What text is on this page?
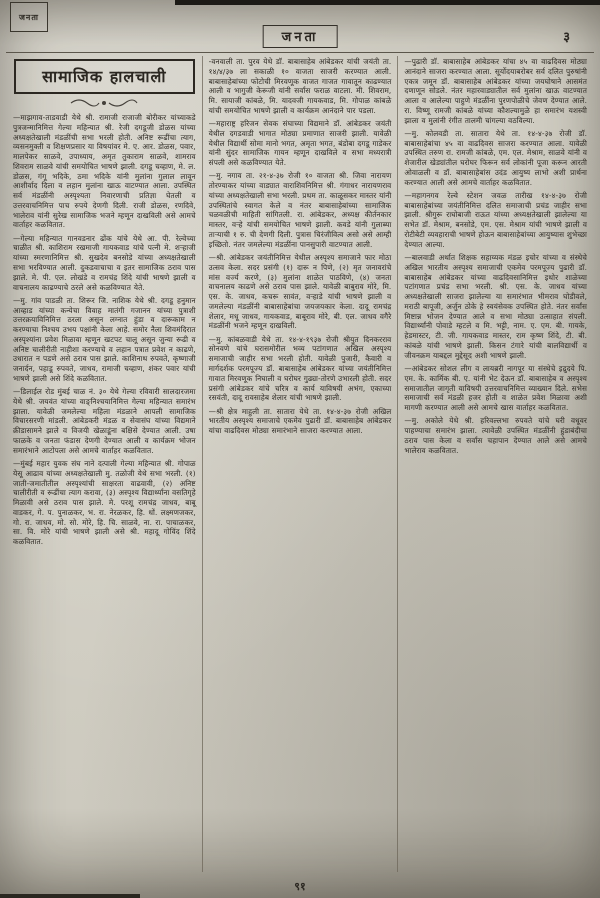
जनता
जनता	३
सामाजिक हालचाली

—माझगाव-ताडवाडी येथे श्री. रामाजी राजाजी बोरीकर यांच्याकडे पुत्रजन्मानिमित्त गेल्या महिन्यात श्री. रेजी दगडूजी डोळस यांच्या अध्यक्षतेखाली मंडळींची सभा भरली होती. अनिष्ट रूढींचा त्याग, व्यसनमुक्ती व शिक्षणप्रसार या विषयांवर मे. ए. आर. डोळस, पवार, मालपेकर साळवे, उपाध्याय, अमृत तुकाराम साळवे, शामराव शिवराम साळवे यांची समयोचित भाषणे झाली. दगडू चव्हाण, मे. ल. डोळस, गंगू भदिके, ठमा भदिके यांनी मुलांना गुलाल लावून आशीर्वाद दिला व लहान मुलांना खाऊ वाटण्यात आला. उपस्थित सर्व मंडळींनी अस्पृश्यता निवारणाची प्रतिज्ञा घेतली व उत्तरवाचनिमित्त पाच रुपये देणगी दिली. राजी डोळस, रणदिवे, भालेराव यांनी सुरेख सामाजिक भजने म्हणून दाखविली असे आमचे वार्ताहर कळवितात.

—गेल्या महिन्यात गानवडनार ढोंक यांचे येथे आ. पी. रेल्वेच्या चाळीत श्री. काशिराम रखमाजी गायकवाड यांचे पत्नी मे. शऱ्हाजी यांच्या स्मरणानिमित्त श्री. सुखदेव बनसोडे यांच्या अध्यक्षतेखाली सभा भरविण्यात आली. दुकडवाचाचा व इतर सामाजिक ठराव पास झाले. मे. पी. एल. लोखंडे व रामचंद्र शिंदे यांची भाषणे झाली व वाचनालय काढण्याचे ठरले असे कळविण्यात येते.

—मु. गांव पाडळी ता. शिरूर जि. नाशिक येथे श्री. दगडू हनुमान आव्हाड यांच्या कन्येचा विवाह मातंगी गजानन यांच्या पुत्राशी उत्तरक्रयाविनिमित्त ठरला असून लग्नात हुंडा व दारूकाम न करण्याचा निश्चय उभय पक्षांनी केला आहे. समोर नैला शिवमंदिरात अस्पृश्यांना प्रवेश मिळावा म्हणून खटपट चालू असून जुन्या रूढी व अनिष्ट चालीरीती नाहीशा करण्याचे व लहान पत्रात प्रवेश न काढणे, उधारात न पडणे असे ठराव पास झाले. काशिनाथ रुपवते, कृष्णाजी जनार्दन, पहाडू रुपवते, जाधव, रामाजी चव्हाण, शंकर पवार यांची भाषणे झाली असे शिंदे कळवितात.

—डिलाईल रोड मुंबई चाळ नं. ३० येथे गेल्या रविवारी सालदारजमा येथे श्री. जयवंत यांच्या वाङ्‌निश्चयानिमित्त गेल्या महिन्यात समारंभ झाला. यावेळी जमलेल्या महिला मंडळाने आपली सामाजिक विचारसरणी मांडली. आंबेडकरी मंडळ व सेवासंघ यांच्या विद्यमाने क्रीडासामने झाले व विजयी खेळाडूंना बक्षिसे देण्यात आली. उषा फाळके व जनता फंडास देणगी देण्यात आली व कार्यक्रम भोजन समारंभाने आटोपला असे आमचे वार्ताहर कळवितात.

—मुंबई महार युवक संघ नाने दत्पाली गेल्या महिन्यात श्री. गोपाळ येसू आढाव यांच्या अध्यक्षतेखाली मु. तळोजी येथे सभा भरली. (१) जाती-जमातीतील अस्पृश्यांची साक्षरता वाढवावी, (२) अनिष्ट चालीरीती व रूढींचा त्याग करावा, (३) अस्पृश्य विद्यार्थ्यांना वसतिगृहे मिळावी असे ठराव पास झाले. मे. परशू रामचंद्र जाधव, बाबू वाडकर, गे. प. पुनाळकर, भ. रा. नेरळकर, हि. धों. लक्ष्मणजकर, गो. रा. जाधव, मो. सो. मोरे, हि. चि. साळवे, ना. रा. पाचाळकर, सा. वि. मोरे यांची भाषणे झाली असे श्री. महादू गोविंद शिंदे कळवितात.

-वनवाली ता. पुरव येथे डॉ. बाबासाहेब आंबेडकर यांची जयंती ता. १४/४/३७ ला सकाळी १० वाजता साजरी करण्यात आली. बाबासाहेबांच्या फोटोची मिरवणूक वाजत गाजत गावातून काढण्यात आली व भागुजी केरूजी यांनी सर्वांस फराळ वाटला. मी. शिवराम, मि. सायाजी कांबळे, मि. यादवजी गायकवाड, मि. गोपाळ कांबळे यांची समयोचित भाषणे झाली व कार्यक्रम आनंदाने पार पडला.

—महाराष्ट्र हरिजन सेवक संघाच्या विद्यमाने डॉ. आंबेडकर जयंती येथील दगडवाडी भागात मोठ्या प्रमाणात साजरी झाली. यावेळी येथील विद्यार्थी सोमा मानो भगत, अमृता भगत, बंडोबा दगडू गाडेकर यांनी सुंदर सामाजिक गायन म्हणून दाखविले व सभा मध्यरात्री संपली असे कळविण्यात येते.

—मु. नगाव ता. २१-४-३७ रोजी १० वाजता श्री. जिवा नारायण तोरण्याकर यांच्या वाड्यात वाराशिवनिमित्त श्री. गंगाधर नारायणराव यांच्या अध्यक्षतेखाली सभा भरली. प्रथम ता. काळूसकर मास्तर यांनी उपस्थितांचे स्वागत केले व नंतर बाबासाहेबांच्या सामाजिक चळवळीची माहिती सांगितली. रा. आंबेडकर, अध्यक्ष कीर्तनकार मास्तर, वऱ्हे यांची समयोचित भाषणे झाली. कवडे यांनी गुलाब्या ताऱ्याची १ रु. ची देणगी दिली. पुत्रास चिरंजीवित्व असो असे आम्ही इच्छितो. नंतर जमलेल्या मंडळींना पानसुपारी वाटण्यात आली.

—श्री. आंबेडकर जयंतीनिमित्त येथील अस्पृश्य समाजाने फार मोठा उत्सव केला. सदर प्रसंगी (१) दारू न पिणे, (२) मृत जनावरांचे मांस वर्ज्य करणे, (३) मुलांना शाळेत पाठविणे, (४) जनता वाचनालय काढणे असे ठराव पास झाले. यावेळी बाबुराव मोरे, मि. एस. के. जाधव, कचरू सावंत, वऱ्हाडे यांची भाषणे झाली व जमलेल्या मंडळींनी बाबासाहेबांचा जयजयकार केला. दादू रामचंद्र शेलार, मधू जाधव, गायकवाड, बाबूराव मोरे, बी. एल. जाधव वगैरे मंडळींनी भजने म्हणून दाखविली.

—मु. कांबळवाडी येथे ता. १४-४-१९३७ रोजी श्रीयुत दिनकरराव सोनवणे यांचे घरासमोरील भव्य पटांगणात अखिल अस्पृश्य समाजाची जाहीर सभा भरली होती. यावेळी पुजारी, कैवारी व मार्गदर्शक परमपूज्य डॉ. बाबासाहेब आंबेडकर यांच्या जयंतीनिमित्त गावात मिरवणूक निघाली व घरोघर गुढ्या-तोरणे उभारली होती. सदर प्रसंगी आंबेडकर यांचे चरित्र व कार्य याविषयी अभंग, एकाच्या रसवंती, दादू रावसाहेब शेलार यांची भाषणे झाली.

—श्री क्षेत्र माहुली ता. सातारा येथे ता. १४-४-३७ रोजी अखिल भारतीय अस्पृश्य समाजाचे एकमेव पुढारी डॉ. बाबासाहेब आंबेडकर यांचा वाढदिवस मोठ्या समारंभाने साजरा करण्यात आला.

—पुढारी डॉ. बाबासाहेब आंबेडकर यांचा ४५ वा वाढदिवस मोठ्या आनंदाने साजरा करण्यात आला. सूर्योदयाबरोबर सर्व दलित पुरुषांनी एकत्र जमून डॉ. बाबासाहेब आंबेडकर यांच्या जयघोषाने आसमंत दणाणून सोडले. नंतर महारवाड्यातील सर्व मुलांना खाऊ वाटण्यात आला व आलेल्या पाहुणे मंडळींना पुरणपोळीचे जेवण देण्यात आले. रा. विष्णू रामजी कांबळे यांच्या कौशल्यामुळे हा समारंभ यशस्वी झाला व मुलांनी रंगीत तालमी चांगल्या वठविल्या.

—मु. कोलवडी ता. सातारा येथे ता. १४-४-३७ रोजी डॉ. बाबासाहेबांचा ४५ वा वाढदिवस साजरा करण्यात आला. यावेळी उपस्थित तरुण रा. रामजी कांबळे, एम. एल. मेश्राम, साळवे यांनी व शेजारील खेड्यांतील घरोघर फिरून सर्व लोकांनी पूजा करून आरती ओवाळली व डॉ. बाबासाहेबांस उदंड आयुष्य लाभो अशी प्रार्थना करण्यात आली असे आमचे वार्ताहर कळवितात.

—महागनगव रेल्वे स्टेशन जवळ तारीख १४-४-३७ रोजी बाबासाहेबांच्या जयंतीनिमित्त दलित समाजाची प्रचंड जाहीर सभा झाली. श्रीगुरू राघोबाजी राऊत यांच्या अध्यक्षतेखाली झालेल्या या सभेत डॉ. मेश्राम, बनसोडे, एम. एस. मेश्राम यांची भाषणे झाली व रोटीबेटी व्यवहाराची भाषणे होऊन बाबासाहेबांच्या आयुष्यास शुभेच्छा देण्यात आल्या.

—बालवाडी अर्थात शिक्षक सहाय्यक मंडळ इचोर यांच्या व संस्थेचे अखिल भारतीय अस्पृश्य समाजाची एकमेव परमपूज्य पुढारी डॉ. बाबासाहेब आंबेडकर यांच्या वाढदिवसानिमित्त इथोर शाळेच्या पटांगणात प्रचंड सभा भरली. श्री. एस. के. जाधव यांच्या अध्यक्षतेखाली साजरा झालेल्या या समारंभात भीमराव घोडीवले, मराठी बापूजी, अर्जुन ठोके हे स्वयंसेवक उपस्थित होते. नंतर सर्वांस मिष्टान्न भोजन देण्यात आले व सभा मोठ्या उत्साहात संपली. विद्यार्थ्यांनी पोवाडे म्हटले व मि. भट्टी, नाम. ए. एम. बी. गायके, हेडमास्टर, टी. जी. गायकवाड मास्तर, राम कृष्ण शिंदे, टी. बी. कांबळे यांची भाषणे झाली. किसन टंगारे यांची बालविद्यार्थी व जीवनक्रम याबद्दल मुद्देसूद अशी भाषणे झाली.

—आंबेडकर सोशल लीग व लायब्ररी नागपूर या संस्थेचे इद्रुदये पि. एम. के. कार्मिक बी. ए. यांनी भेट देऊन डॉ. बाबासाहेब व अस्पृश्य समाजातील जागृती याविषयी उत्तरवाचनिमित्त व्याख्यान दिले. सभेस समाजाची सर्व मंडळी हजर होती व शाळेत प्रवेश मिळावा अशी मागणी करण्यात आली असे आमचे खास वार्ताहर कळवितात.

—मु. अकोले येथे श्री. हरिवल्लभा रुपवते यांचे घरी वधूवर पाहण्याचा समारंभ झाला. त्यावेळी उपस्थित मंडळींनी हुंडाबंदीचा ठराव पास केला व सर्वांस चहापान देण्यात आले असे आमचे भालेराव कळवितात.

९१
